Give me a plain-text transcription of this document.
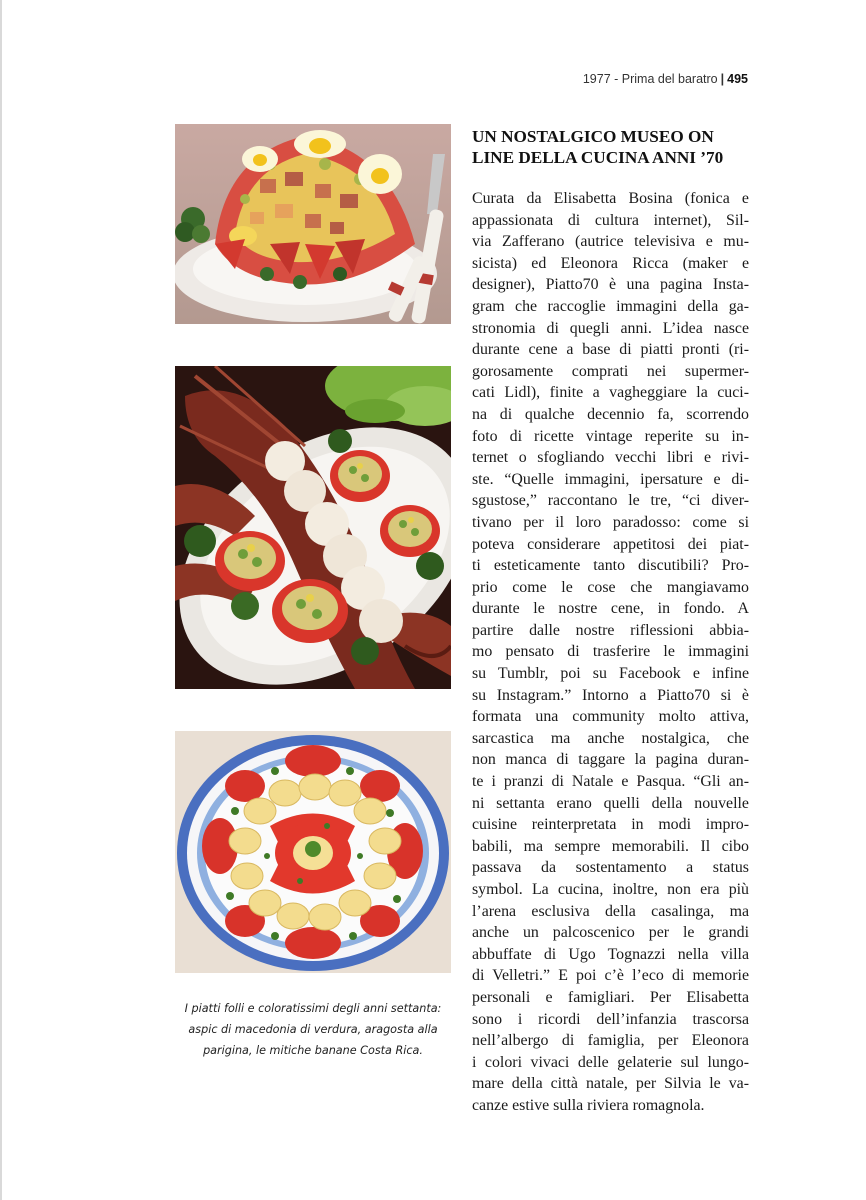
1977 - Prima del baratro | 495
I piatti folli e coloratissimi degli anni settanta:
aspic di macedonia di verdura, aragosta alla
parigina, le mitiche banane Costa Rica.
UN NOSTALGICO MUSEO ON
LINE DELLA CUCINA ANNI ’70
Curata da Elisabetta Bosina (fonica e
appassionata di cultura internet), Sil-
via Zafferano (autrice televisiva e mu-
sicista) ed Eleonora Ricca (maker e
designer), Piatto70 è una pagina Insta-
gram che raccoglie immagini della ga-
stronomia di quegli anni. L’idea nasce
durante cene a base di piatti pronti (ri-
gorosamente comprati nei supermer-
cati Lidl), finite a vagheggiare la cuci-
na di qualche decennio fa, scorrendo
foto di ricette vintage reperite su in-
ternet o sfogliando vecchi libri e rivi-
ste. “Quelle immagini, ipersature e di-
sgustose,” raccontano le tre, “ci diver-
tivano per il loro paradosso: come si
poteva considerare appetitosi dei piat-
ti esteticamente tanto discutibili? Pro-
prio come le cose che mangiavamo
durante le nostre cene, in fondo. A
partire dalle nostre riflessioni abbia-
mo pensato di trasferire le immagini
su Tumblr, poi su Facebook e infine
su Instagram.” Intorno a Piatto70 si è
formata una community molto attiva,
sarcastica ma anche nostalgica, che
non manca di taggare la pagina duran-
te i pranzi di Natale e Pasqua. “Gli an-
ni settanta erano quelli della nouvelle
cuisine reinterpretata in modi impro-
babili, ma sempre memorabili. Il cibo
passava da sostentamento a status
symbol. La cucina, inoltre, non era più
l’arena esclusiva della casalinga, ma
anche un palcoscenico per le grandi
abbuffate di Ugo Tognazzi nella villa
di Velletri.” E poi c’è l’eco di memorie
personali e famigliari. Per Elisabetta
sono i ricordi dell’infanzia trascorsa
nell’albergo di famiglia, per Eleonora
i colori vivaci delle gelaterie sul lungo-
mare della città natale, per Silvia le va-
canze estive sulla riviera romagnola.
